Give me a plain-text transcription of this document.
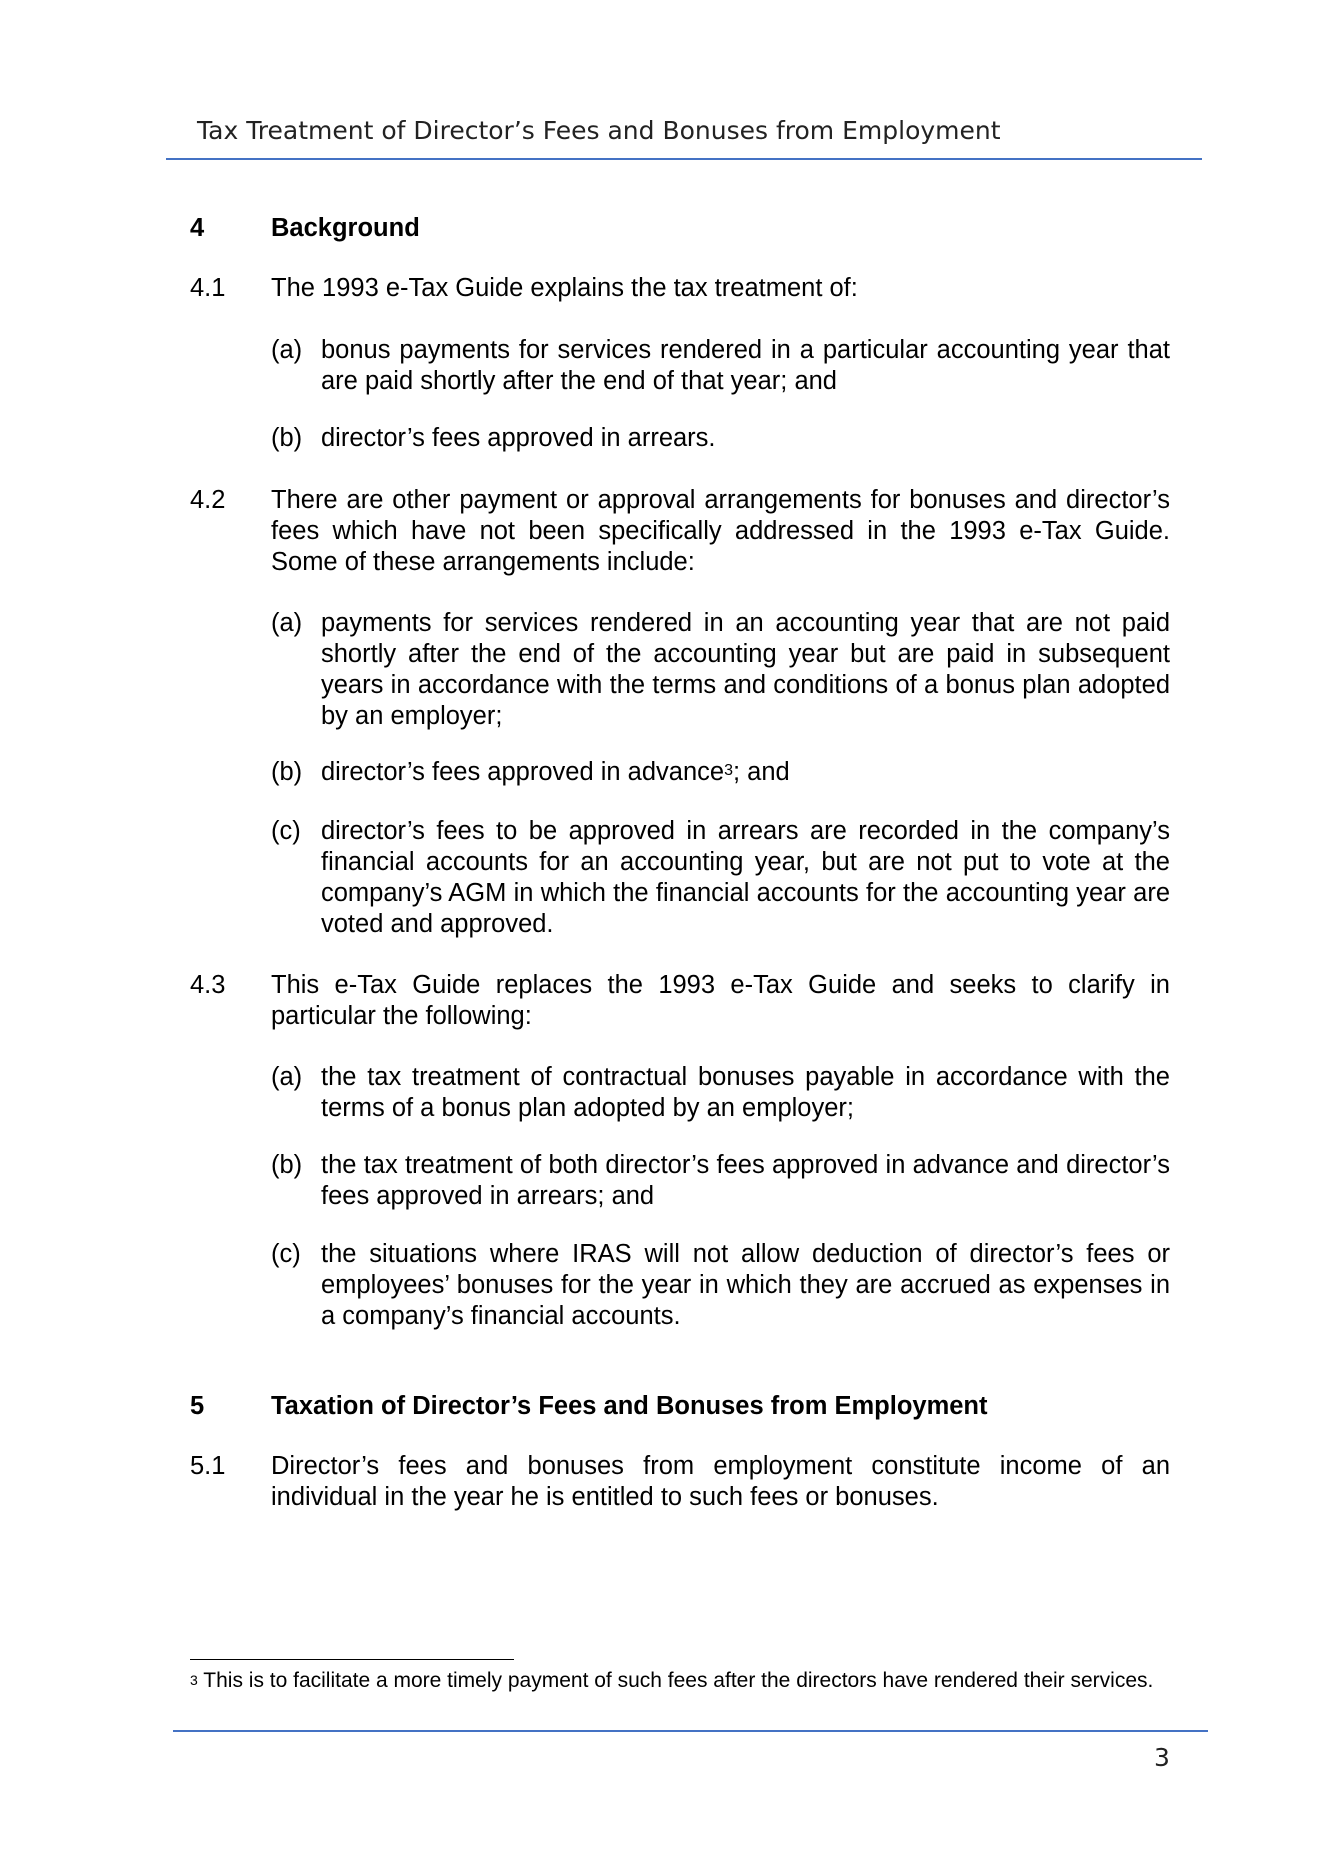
Tax Treatment of Director’s Fees and Bonuses from Employment
4	Background
4.1 The 1993 e-Tax Guide explains the tax treatment of:
(a) bonus payments for services rendered in a particular accounting year that are paid shortly after the end of that year; and
(b) director’s fees approved in arrears.
4.2 There are other payment or approval arrangements for bonuses and director’s fees which have not been specifically addressed in the 1993 e-Tax Guide. Some of these arrangements include:
(a) payments for services rendered in an accounting year that are not paid shortly after the end of the accounting year but are paid in subsequent years in accordance with the terms and conditions of a bonus plan adopted by an employer;
(b) director’s fees approved in advance$^3$; and
(c) director’s fees to be approved in arrears are recorded in the company’s financial accounts for an accounting year, but are not put to vote at the company’s AGM in which the financial accounts for the accounting year are voted and approved.
4.3 This e-Tax Guide replaces the 1993 e-Tax Guide and seeks to clarify in particular the following:
(a) the tax treatment of contractual bonuses payable in accordance with the terms of a bonus plan adopted by an employer;
(b) the tax treatment of both director’s fees approved in advance and director’s fees approved in arrears; and
(c) the situations where IRAS will not allow deduction of director’s fees or employees’ bonuses for the year in which they are accrued as expenses in a company’s financial accounts.
5	Taxation of Director’s Fees and Bonuses from Employment
5.1 Director’s fees and bonuses from employment constitute income of an individual in the year he is entitled to such fees or bonuses.
$^3$ This is to facilitate a more timely payment of such fees after the directors have rendered their services.
3
